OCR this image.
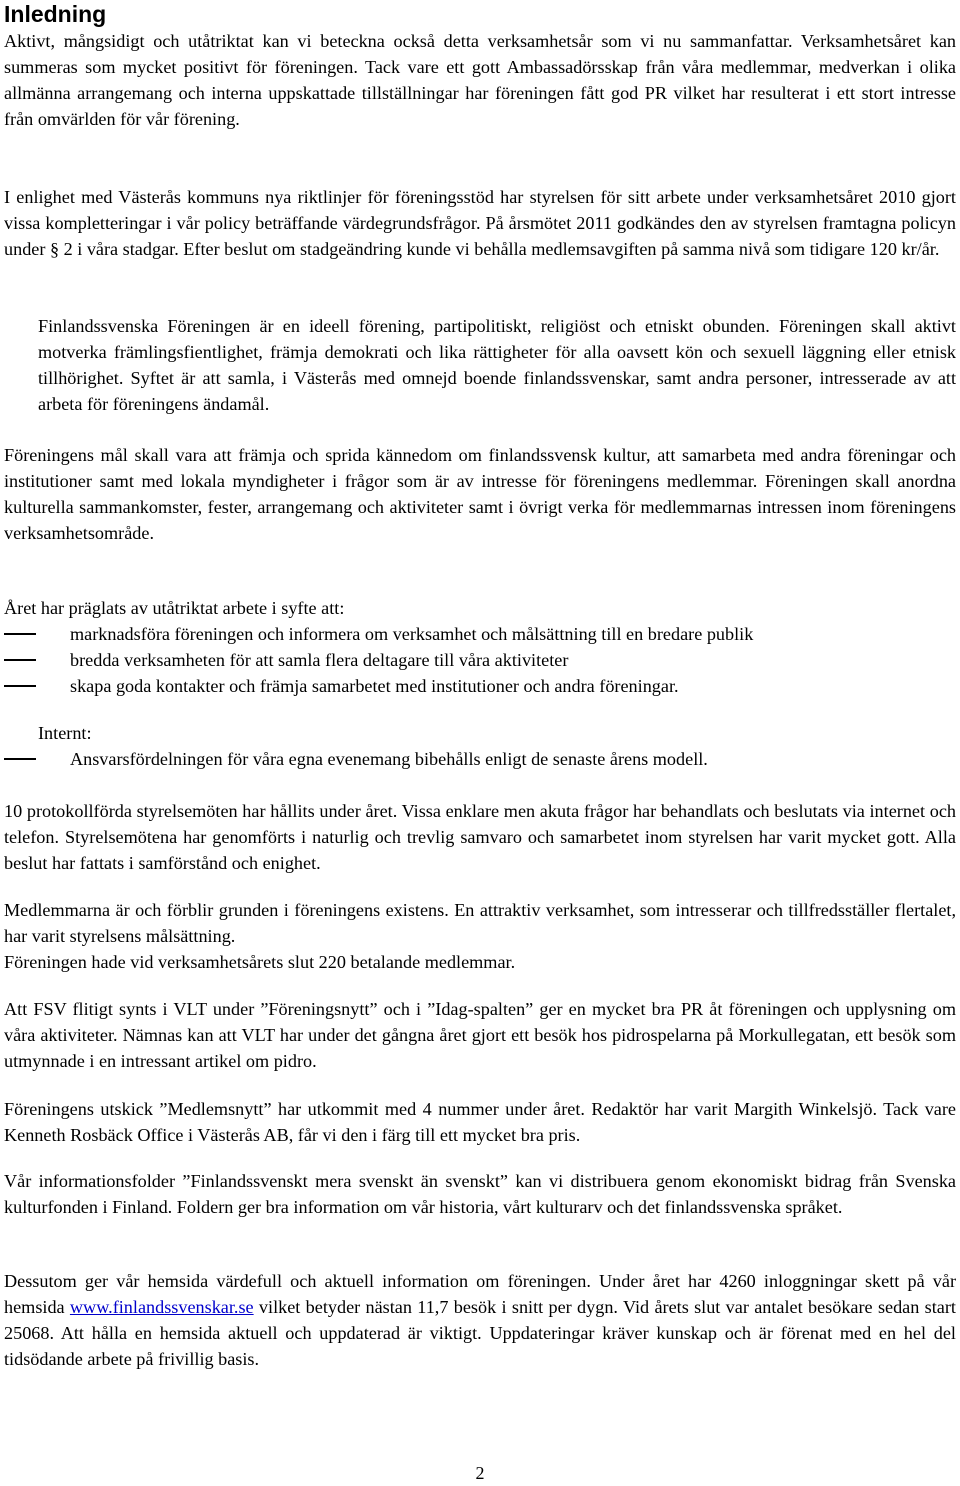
Inledning

Aktivt, mångsidigt och utåtriktat kan vi beteckna också detta verksamhetsår som vi nu sammanfattar. Verksamhetsåret kan summeras som mycket positivt för föreningen. Tack vare ett gott Ambassadörsskap från våra medlemmar, medverkan i olika allmänna arrangemang och interna uppskattade tillställningar har föreningen fått god PR vilket har resulterat i ett stort intresse från omvärlden för vår förening.

I enlighet med Västerås kommuns nya riktlinjer för föreningsstöd har styrelsen för sitt arbete under verksamhetsåret 2010 gjort vissa kompletteringar i vår policy beträffande värdegrundsfrågor. På årsmötet 2011 godkändes den av styrelsen framtagna policyn under § 2 i våra stadgar. Efter beslut om stadgeändring kunde vi behålla medlemsavgiften på samma nivå som tidigare 120 kr/år.

Finlandssvenska Föreningen är en ideell förening, partipolitiskt, religiöst och etniskt obunden. Föreningen skall aktivt motverka främlingsfientlighet, främja demokrati och lika rättigheter för alla oavsett kön och sexuell läggning eller etnisk tillhörighet. Syftet är att samla, i Västerås med omnejd boende finlandssvenskar, samt andra personer, intresserade av att arbeta för föreningens ändamål.

Föreningens mål skall vara att främja och sprida kännedom om finlandssvensk kultur, att samarbeta med andra föreningar och institutioner samt med lokala myndigheter i frågor som är av intresse för föreningens medlemmar. Föreningen skall anordna kulturella sammankomster, fester, arrangemang och aktiviteter samt i övrigt verka för medlemmarnas intressen inom föreningens verksamhetsområde.

Året har präglats av utåtriktat arbete i syfte att:

marknadsföra föreningen och informera om verksamhet och målsättning till en bredare publik
bredda verksamheten för att samla flera deltagare till våra aktiviteter
skapa goda kontakter och främja samarbetet med institutioner och andra föreningar.

Internt:

Ansvarsfördelningen för våra egna evenemang bibehålls enligt de senaste årens modell.

10 protokollförda styrelsemöten har hållits under året. Vissa enklare men akuta frågor har behandlats och beslutats via internet och telefon. Styrelsemötena har genomförts i naturlig och trevlig samvaro och samarbetet inom styrelsen har varit mycket gott. Alla beslut har fattats i samförstånd och enighet.

Medlemmarna är och förblir grunden i föreningens existens. En attraktiv verksamhet, som intresserar och tillfredsställer flertalet, har varit styrelsens målsättning.

Föreningen hade vid verksamhetsårets slut 220 betalande medlemmar.

Att FSV flitigt synts i VLT under ”Föreningsnytt” och i ”Idag-spalten” ger en mycket bra PR åt föreningen och upplysning om våra aktiviteter. Nämnas kan att VLT har under det gångna året gjort ett besök hos pidrospelarna på Morkullegatan, ett besök som utmynnade i en intressant artikel om pidro.

Föreningens utskick ”Medlemsnytt” har utkommit med 4 nummer under året. Redaktör har varit Margith Winkelsjö. Tack vare Kenneth Rosbäck Office i Västerås AB, får vi den i färg till ett mycket bra pris.

Vår informationsfolder ”Finlandssvenskt mera svenskt än svenskt” kan vi distribuera genom ekonomiskt bidrag från Svenska kulturfonden i Finland. Foldern ger bra information om vår historia, vårt kulturarv och det finlandssvenska språket.

Dessutom ger vår hemsida värdefull och aktuell information om föreningen. Under året har 4260 inloggningar skett på vår hemsida www.finlandssvenskar.se vilket betyder nästan 11,7 besök i snitt per dygn. Vid årets slut var antalet besökare sedan start 25068. Att hålla en hemsida aktuell och uppdaterad är viktigt. Uppdateringar kräver kunskap och är förenat med en hel del tidsödande arbete på frivillig basis.

2
